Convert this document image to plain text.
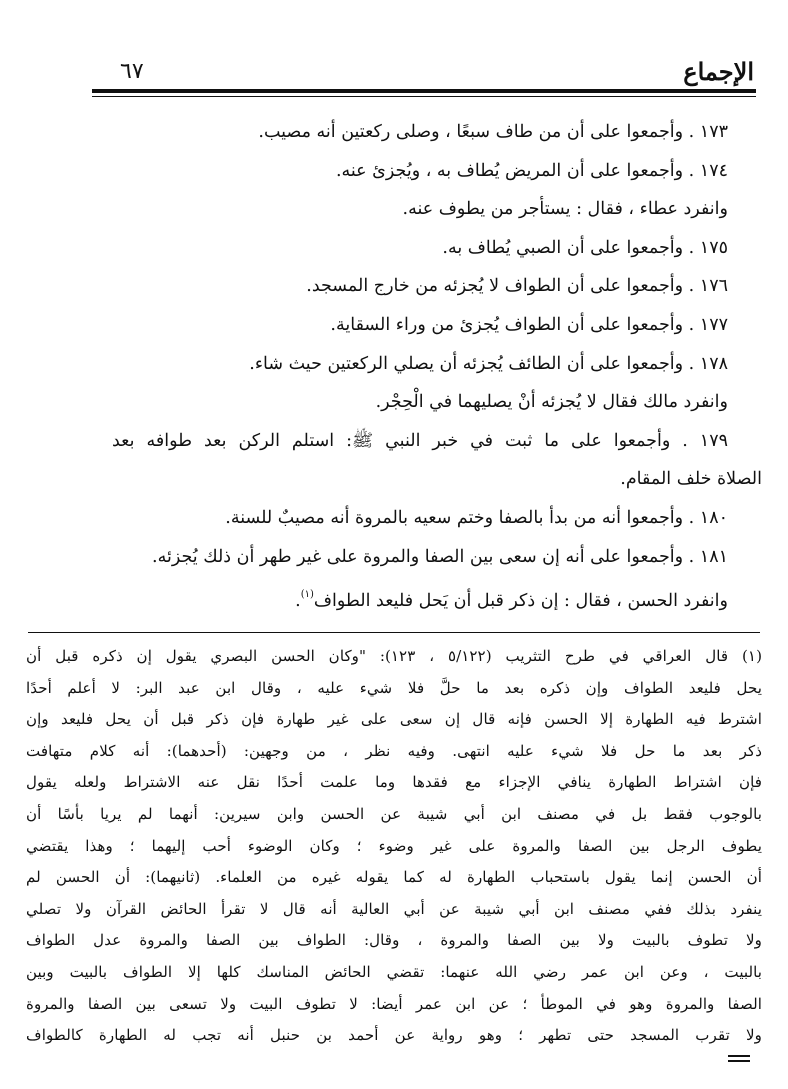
الإجماع
٦٧
١٧٣ . وأجمعوا على أن من طاف سبعًا ، وصلى ركعتين أنه مصيب.
١٧٤ . وأجمعوا على أن المريض يُطاف به ، ويُجزئ عنه.
وانفرد عطاء ، فقال : يستأجر من يطوف عنه.
١٧٥ . وأجمعوا على أن الصبي يُطاف به.
١٧٦ . وأجمعوا على أن الطواف لا يُجزئه من خارج المسجد.
١٧٧ . وأجمعوا على أن الطواف يُجزئ من وراء السقاية.
١٧٨ . وأجمعوا على أن الطائف يُجزئه أن يصلي الركعتين حيث شاء.
وانفرد مالك فقال لا يُجزئه أنْ يصليهما في الْحِجْر.
١٧٩ . وأجمعوا على ما ثبت في خبر النبي ﷺ: استلم الركن بعد طوافه بعد
الصلاة خلف المقام.
١٨٠ . وأجمعوا أنه من بدأ بالصفا وختم سعيه بالمروة أنه مصيبٌ للسنة.
١٨١ . وأجمعوا على أنه إن سعى بين الصفا والمروة على غير طهر أن ذلك يُجزئه.
وانفرد الحسن ، فقال : إن ذكر قبل أن يَحل فليعد الطواف$^{(١)}$.
(١) قال العراقي في طرح التثريب (٥/١٢٢ ، ١٢٣): "وكان الحسن البصري يقول إن ذكره قبل أن
يحل فليعد الطواف وإن ذكره بعد ما حلَّ فلا شيء عليه ، وقال ابن عبد البر: لا أعلم أحدًا
اشترط فيه الطهارة إلا الحسن فإنه قال إن سعى على غير طهارة فإن ذكر قبل أن يحل فليعد وإن
ذكر بعد ما حل فلا شيء عليه انتهى. وفيه نظر ، من وجهين: (أحدهما): أنه كلام متهافت
فإن اشتراط الطهارة ينافي الإجزاء مع فقدها وما علمت أحدًا نقل عنه الاشتراط ولعله يقول
بالوجوب فقط بل في مصنف ابن أبي شيبة عن الحسن وابن سيرين: أنهما لم يريا بأسًا أن
يطوف الرجل بين الصفا والمروة على غير وضوء ؛ وكان الوضوء أحب إليهما ؛ وهذا يقتضي
أن الحسن إنما يقول باستحباب الطهارة له كما يقوله غيره من العلماء. (ثانيهما): أن الحسن لم
ينفرد بذلك ففي مصنف ابن أبي شيبة عن أبي العالية أنه قال لا تقرأ الحائض القرآن ولا تصلي
ولا تطوف بالبيت ولا بين الصفا والمروة ، وقال: الطواف بين الصفا والمروة عدل الطواف
بالبيت ، وعن ابن عمر رضي الله عنهما: تقضي الحائض المناسك كلها إلا الطواف بالبيت وبين
الصفا والمروة وهو في الموطأ ؛ عن ابن عمر أيضا: لا تطوف البيت ولا تسعى بين الصفا والمروة
ولا تقرب المسجد حتى تطهر ؛ وهو رواية عن أحمد بن حنبل أنه تجب له الطهارة كالطواف
